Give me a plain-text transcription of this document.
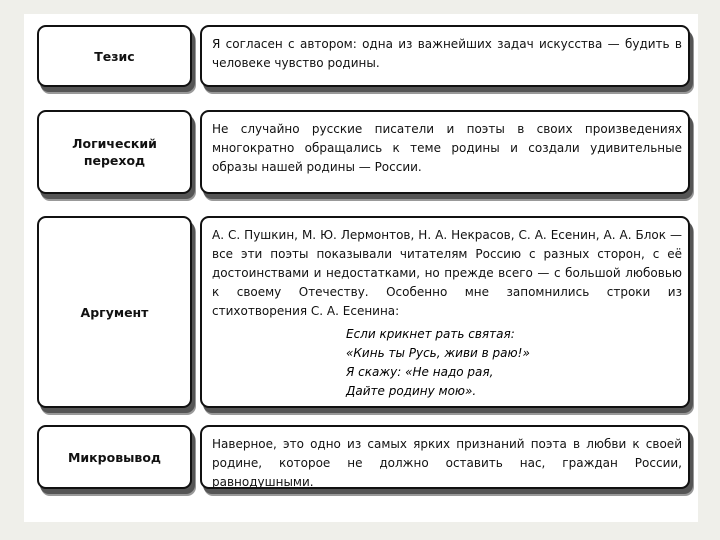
Тезис
Я согласен с автором: одна из важнейших задач искусства — будить в человеке чувство родины.
Логический переход
Не случайно русские писатели и поэты в своих произведениях многократно обращались к теме родины и создали удивительные образы нашей родины — России.
Аргумент
А. С. Пушкин, М. Ю. Лермонтов, Н. А. Некрасов, С. А. Есенин, А. А. Блок — все эти поэты показывали читателям Россию с разных сторон, с её достоинствами и недостатками, но прежде всего — с большой любовью к своему Отечеству. Особенно мне запомнились строки из стихотворения С. А. Есенина:
Если крикнет рать святая:
«Кинь ты Русь, живи в раю!»
Я скажу: «Не надо рая,
Дайте родину мою».
Микровывод
Наверное, это одно из самых ярких признаний поэта в любви к своей родине, которое не должно оставить нас, граждан России, равнодушными.
